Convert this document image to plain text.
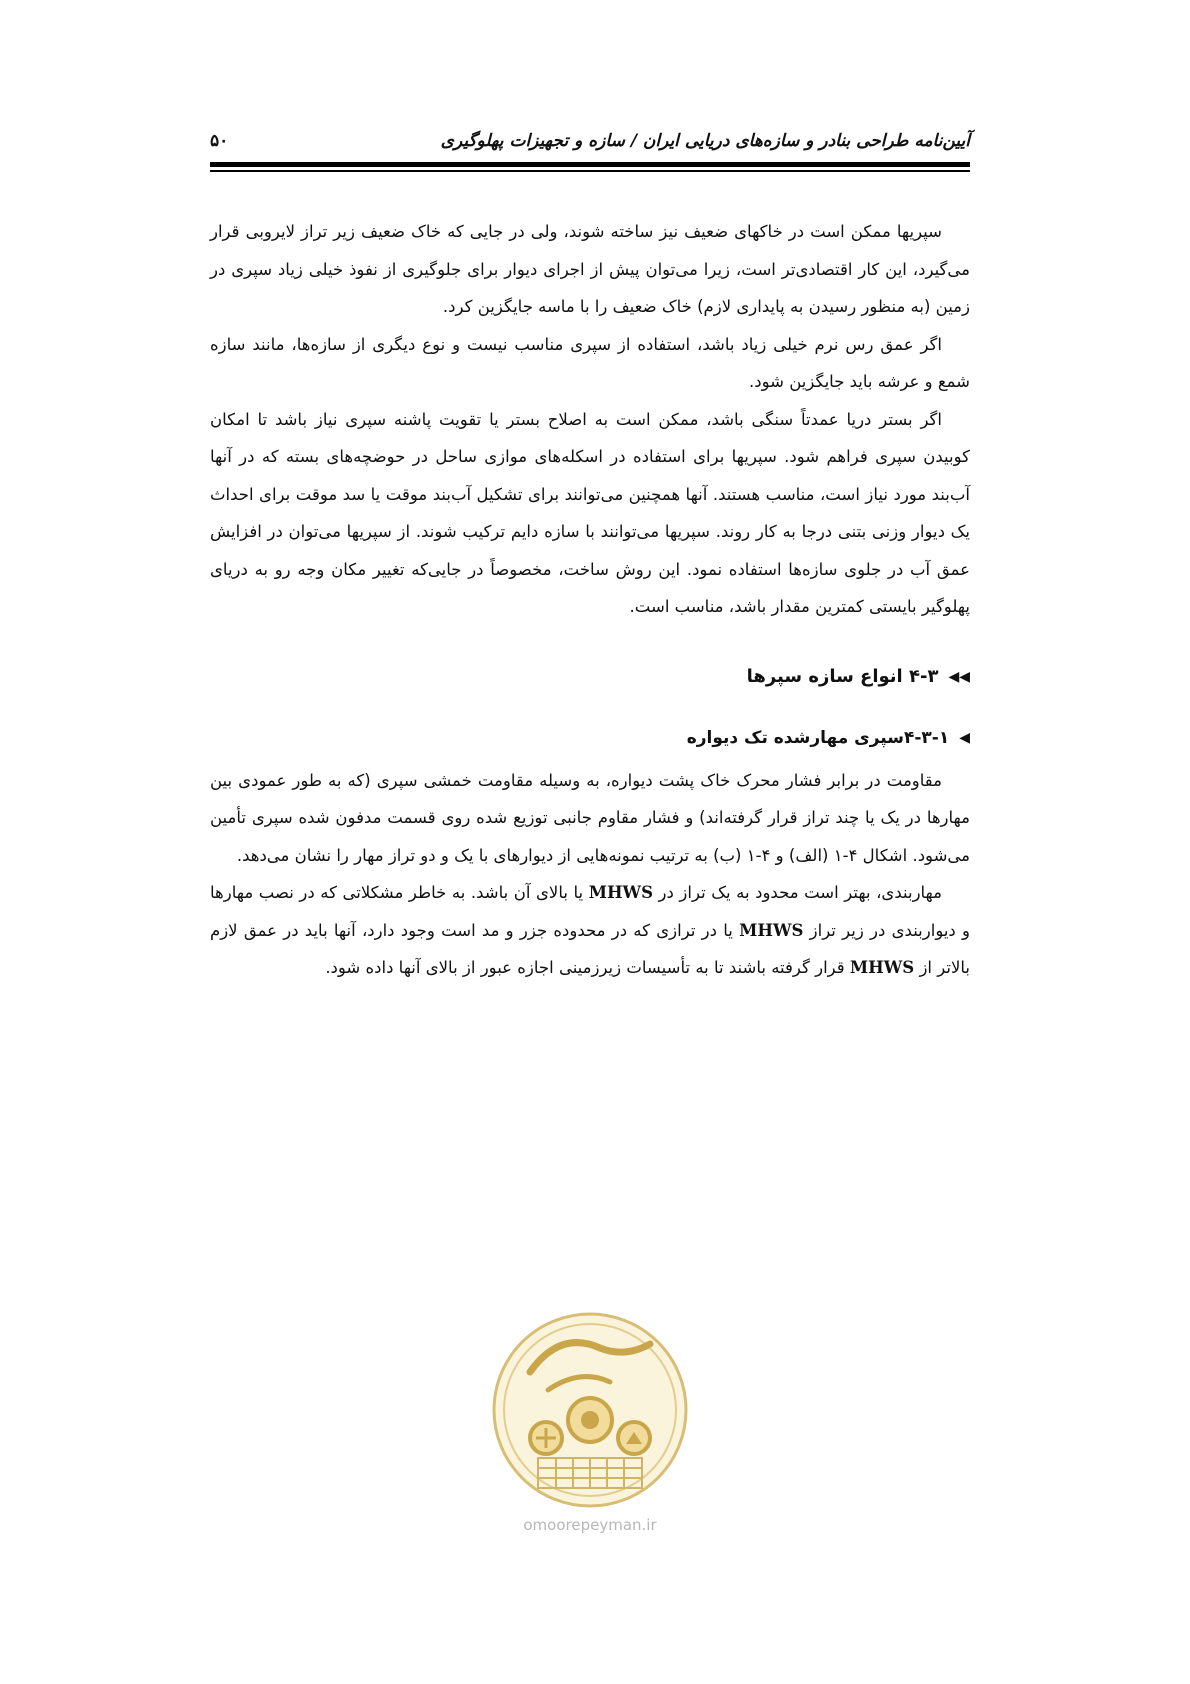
آیین‌نامه طراحی بنادر و سازه‌های دریایی ایران / سازه و تجهیزات پهلوگیری
۵۰

سپریها ممکن است در خاکهای ضعیف نیز ساخته شوند، ولی در جایی که خاک ضعیف زیر تراز لایروبی قرار می‌گیرد، این کار اقتصادی‌تر است، زیرا می‌توان پیش از اجرای دیوار برای جلوگیری از نفوذ خیلی زیاد سپری در زمین (به منظور رسیدن به پایداری لازم) خاک ضعیف را با ماسه جایگزین کرد.

اگر عمق رس نرم خیلی زیاد باشد، استفاده از سپری مناسب نیست و نوع دیگری از سازه‌ها، مانند سازه شمع و عرشه باید جایگزین شود.

اگر بستر دریا عمدتاً سنگی باشد، ممکن است به اصلاح بستر یا تقویت پاشنه سپری نیاز باشد تا امکان کوبیدن سپری فراهم شود. سپریها برای استفاده در اسکله‌های موازی ساحل در حوضچه‌های بسته که در آنها آب‌بند مورد نیاز است، مناسب هستند. آنها همچنین می‌توانند برای تشکیل آب‌بند موقت یا سد موقت برای احداث یک دیوار وزنی بتنی درجا به کار روند. سپریها می‌توانند با سازه دایم ترکیب شوند. از سپریها می‌توان در افزایش عمق آب در جلوی سازه‌ها استفاده نمود. این روش ساخت، مخصوصاً در جایی‌که تغییر مکان وجه رو به دریای پهلوگیر بایستی کمترین مقدار باشد، مناسب است.

◀◀
۴-۳ انواع سازه سپرها
◀
۴-۳-۱سپری مهارشده تک دیواره

مقاومت در برابر فشار محرک خاک پشت دیواره، به وسیله مقاومت خمشی سپری (که به طور عمودی بین مهارها در یک یا چند تراز قرار گرفته‌اند) و فشار مقاوم جانبی توزیع شده روی قسمت مدفون شده سپری تأمین می‌شود. اشکال ۴-۱ (الف) و ۴-۱ (ب) به ترتیب نمونه‌هایی از دیوارهای با یک و دو تراز مهار را نشان می‌دهد.

مهاربندی، بهتر است محدود به یک تراز در MHWS یا بالای آن باشد. به خاطر مشکلاتی که در نصب مهارها و دیواربندی در زیر تراز MHWS یا در ترازی که در محدوده جزر و مد است وجود دارد، آنها باید در عمق لازم بالاتر از MHWS قرار گرفته باشند تا به تأسیسات زیرزمینی اجازه عبور از بالای آنها داده شود.

omoorepeyman.ir
